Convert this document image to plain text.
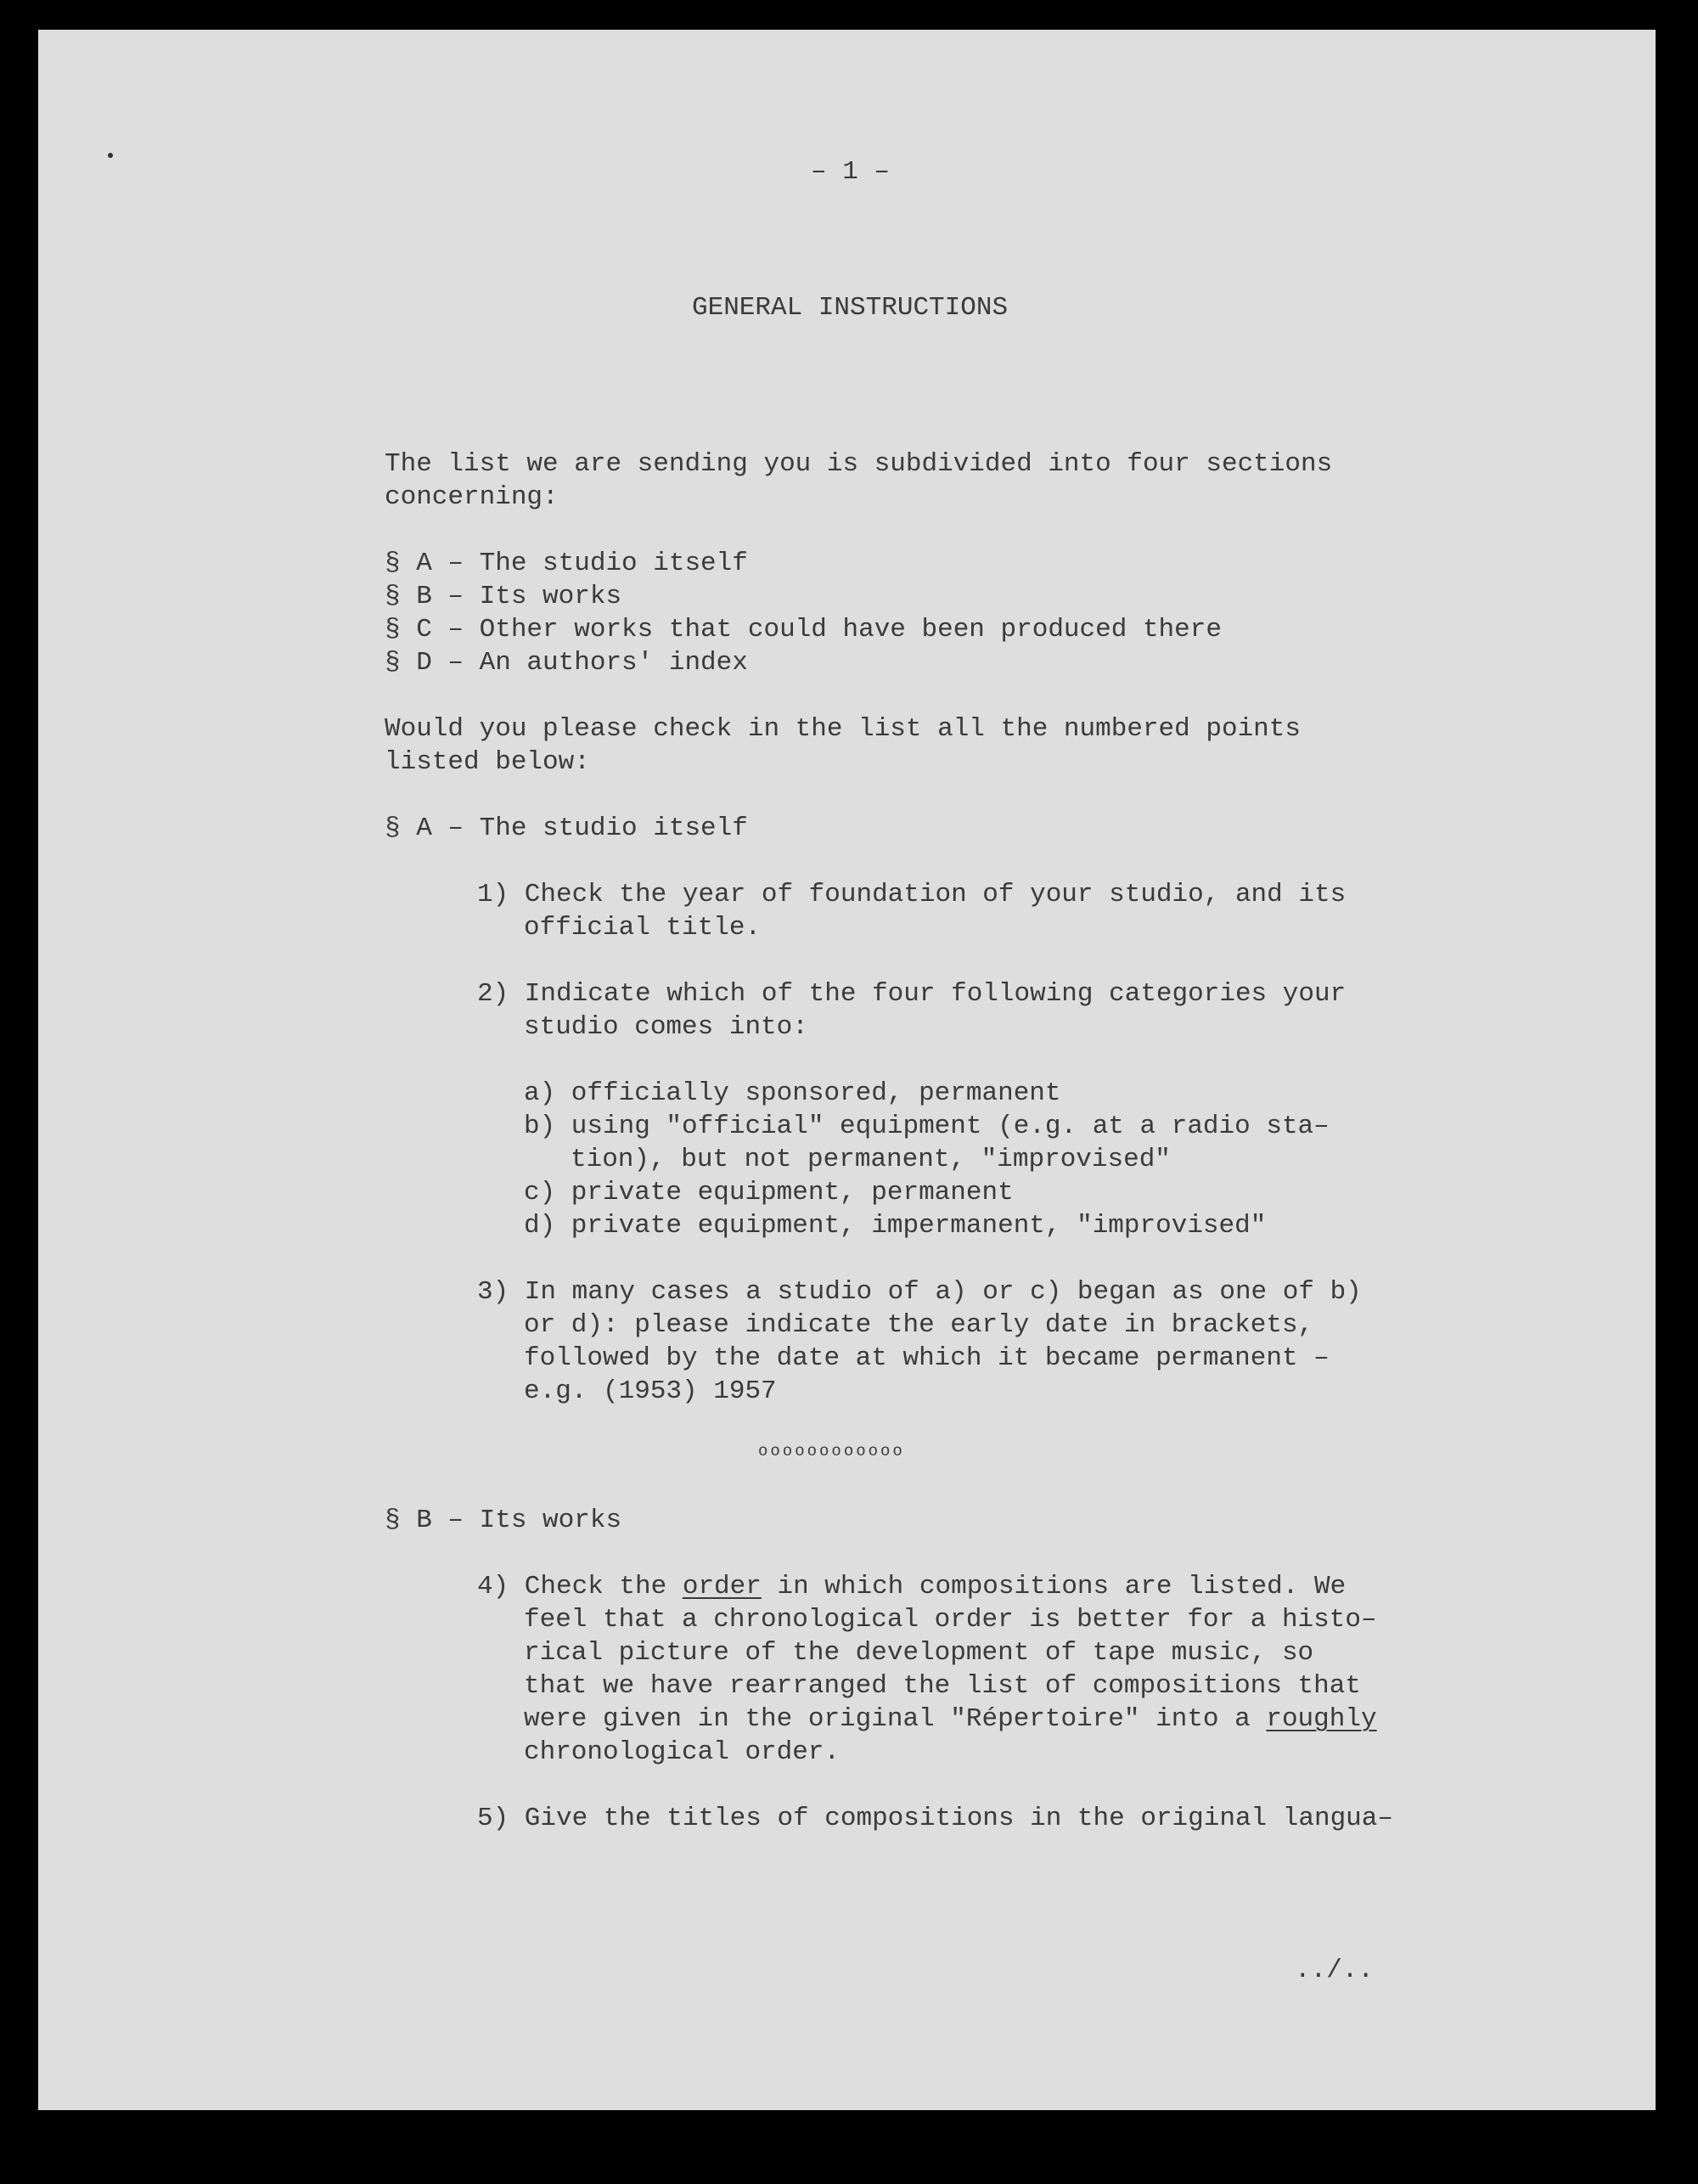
– 1 –
GENERAL INSTRUCTIONS
The list we are sending you is subdivided into four sections
concerning:
§ A – The studio itself
§ B – Its works
§ C – Other works that could have been produced there
§ D – An authors' index
Would you please check in the list all the numbered points
listed below:
§ A – The studio itself
1) Check the year of foundation of your studio, and its
official title.
2) Indicate which of the four following categories your
studio comes into:
a) officially sponsored, permanent
b) using "official" equipment (e.g. at a radio sta–
tion), but not permanent, "improvised"
c) private equipment, permanent
d) private equipment, impermanent, "improvised"
3) In many cases a studio of a) or c) began as one of b)
or d): please indicate the early date in brackets,
followed by the date at which it became permanent –
e.g. (1953) 1957
oooooooooooo
§ B – Its works
4) Check the order in which compositions are listed. We
feel that a chronological order is better for a histo–
rical picture of the development of tape music, so
that we have rearranged the list of compositions that
were given in the original "Répertoire" into a roughly
chronological order.
5) Give the titles of compositions in the original langua–
../..
